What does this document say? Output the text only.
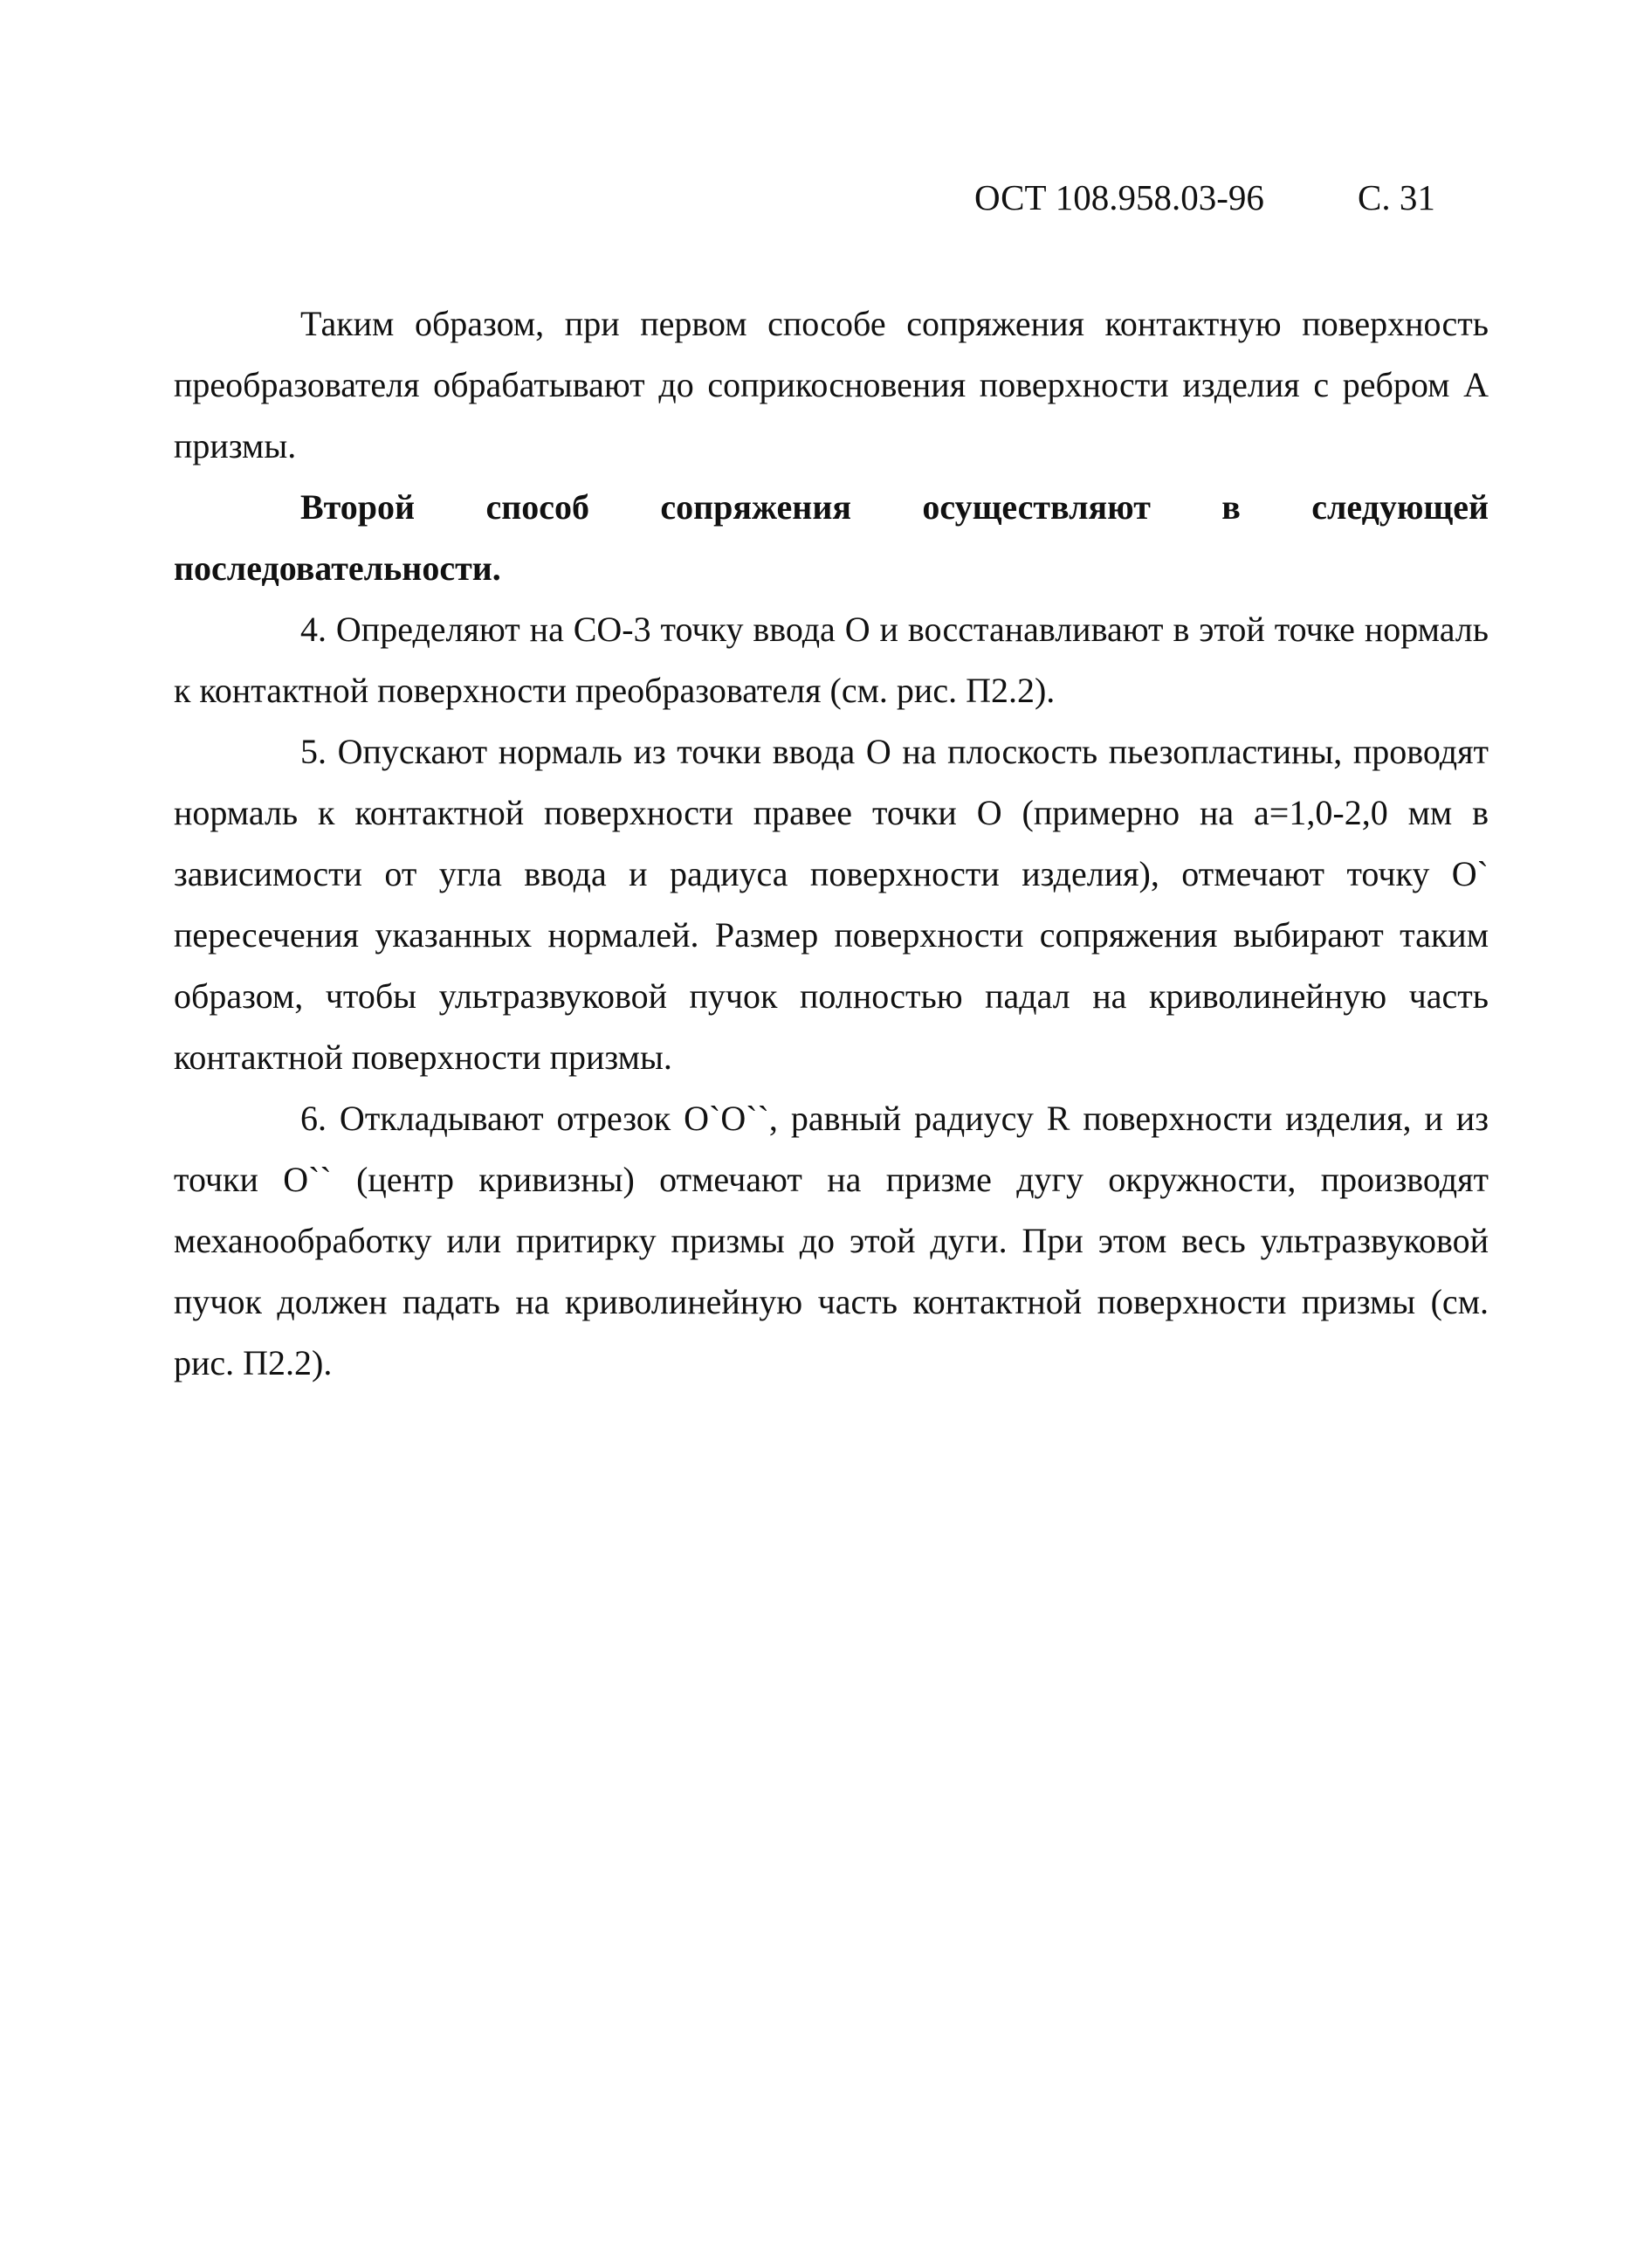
ОСТ 108.958.03-96	С. 31

Таким образом, при первом способе сопряжения контактную поверхность преобразователя обрабатывают до соприкосновения поверхности изделия с ребром А призмы.

Второй способ сопряжения осуществляют в следующей последовательности.

4. Определяют на СО-3 точку ввода О и восстанавливают в этой точке нормаль к контактной поверхности преобразователя (см. рис. П2.2).

5. Опускают нормаль из точки ввода О на плоскость пьезопластины, проводят нормаль к контактной поверхности правее точки О (примерно на a=1,0-2,0 мм в зависимости от угла ввода и радиуса поверхности изделия), отмечают точку О` пересечения указанных нормалей. Размер поверхности сопряжения выбирают таким образом, чтобы ультразвуковой пучок полностью падал на криволинейную часть контактной поверхности призмы.

6. Откладывают отрезок О`О``, равный радиусу R поверхности изделия, и из точки О`` (центр кривизны) отмечают на призме дугу окружности, производят механообработку или притирку призмы до этой дуги. При этом весь ультразвуковой пучок должен падать на криволинейную часть контактной поверхности призмы (см. рис. П2.2).
